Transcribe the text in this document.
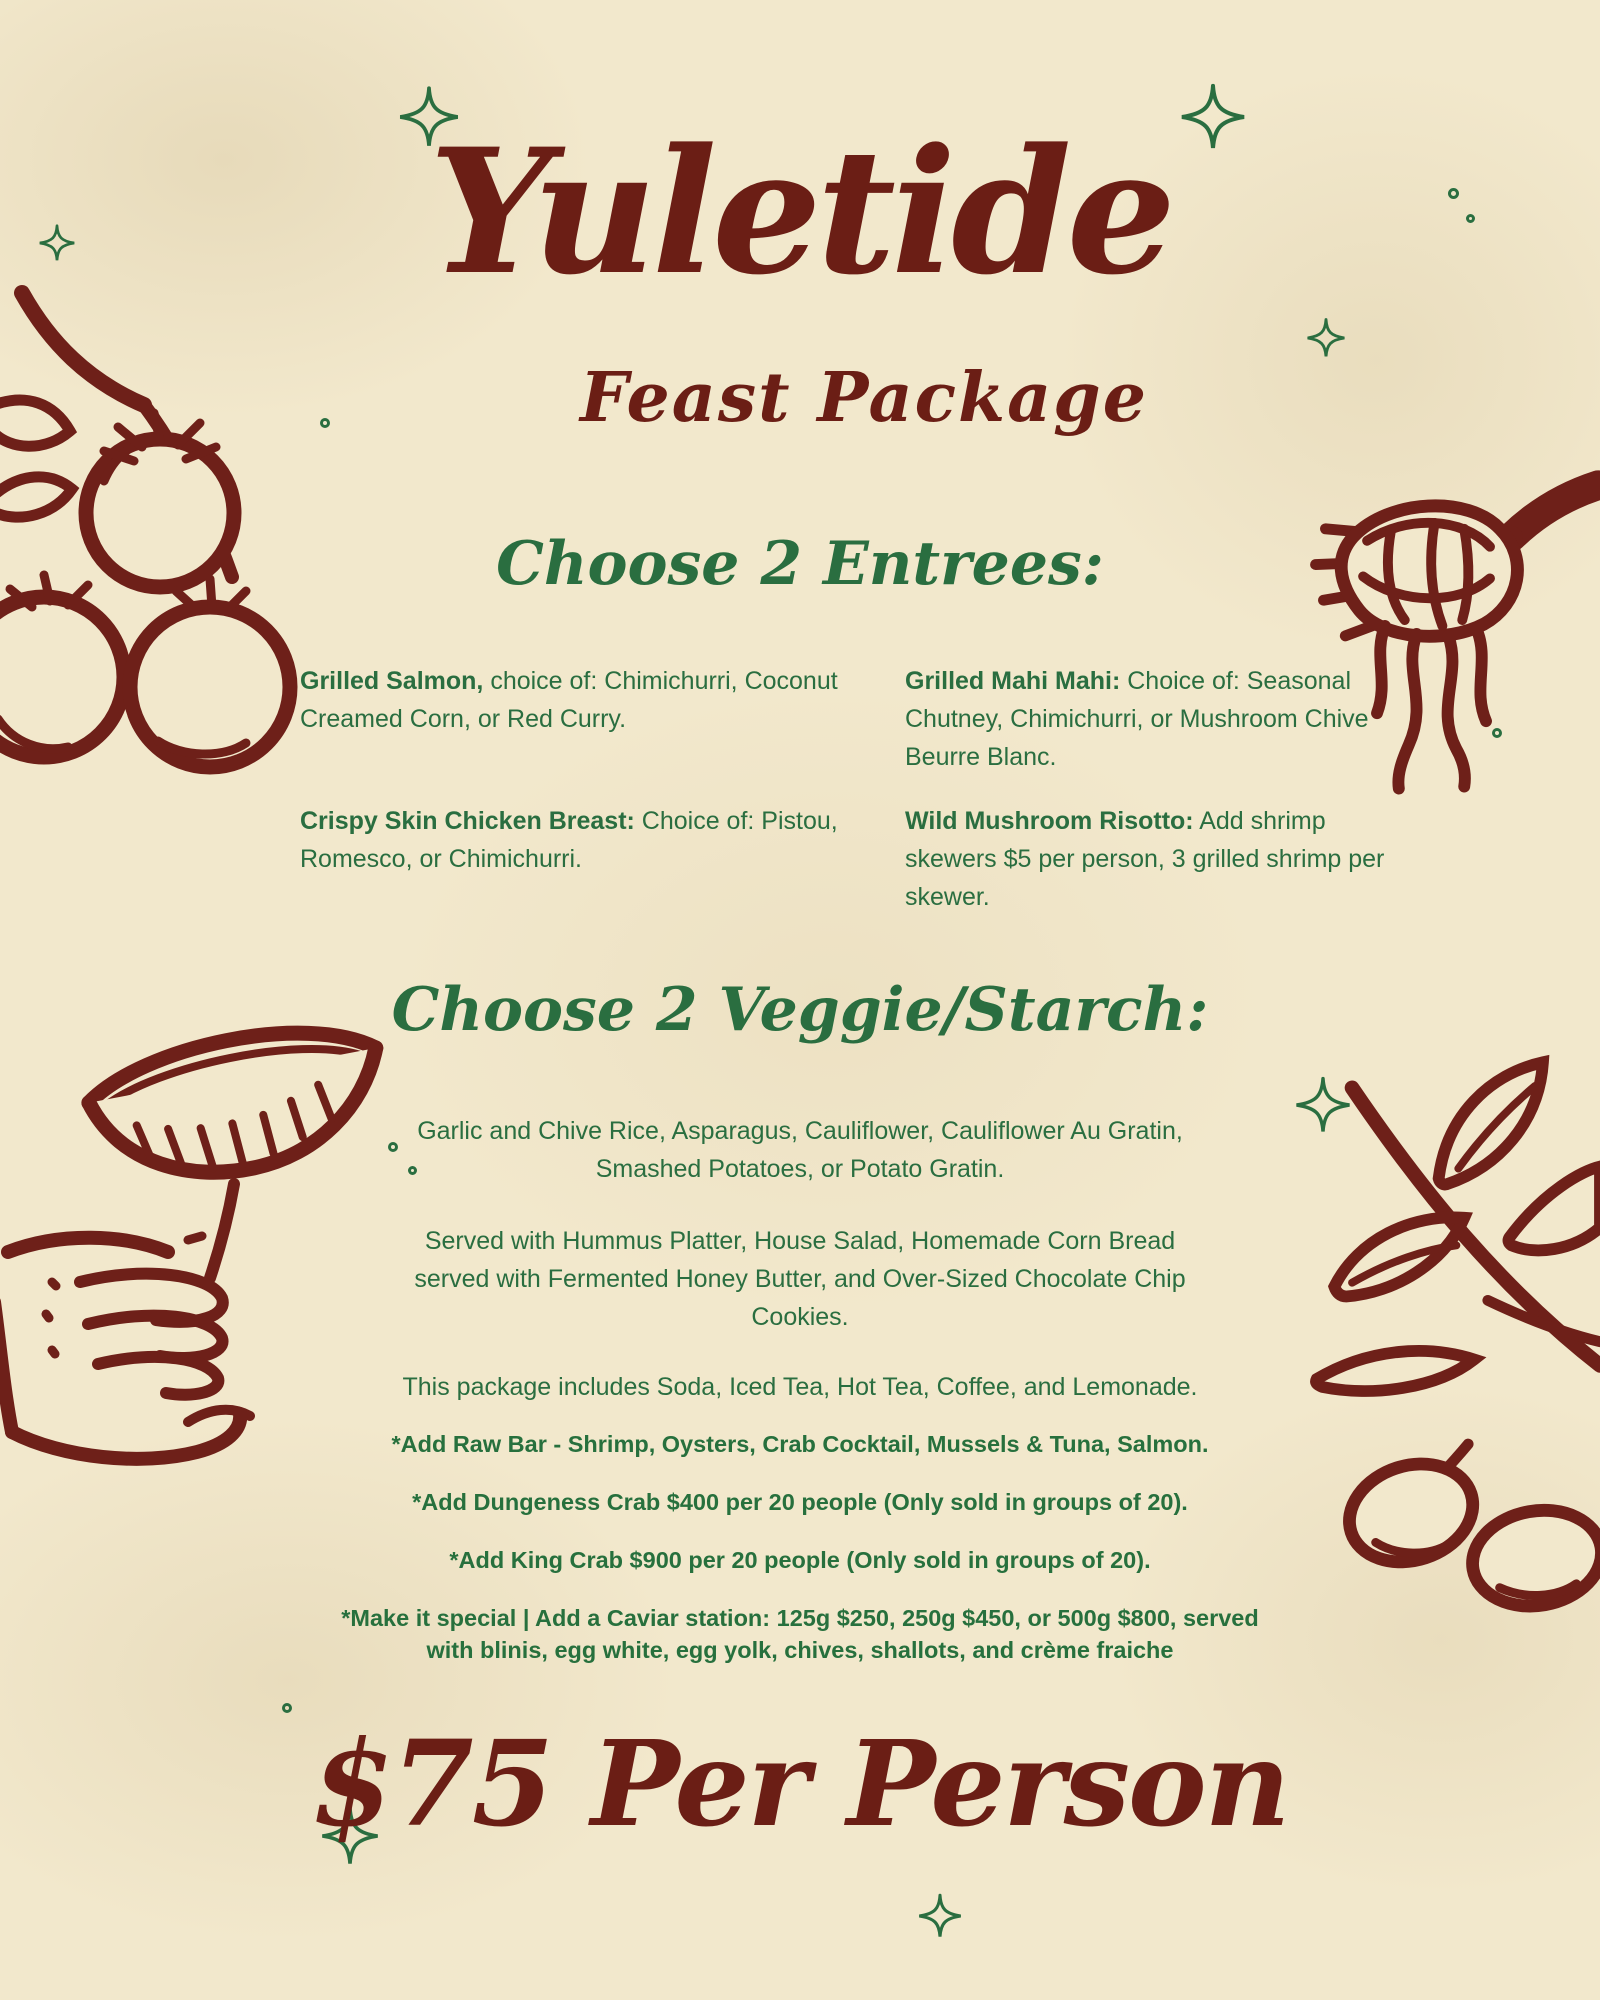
Yuletide
Feast Package
Choose 2 Entrees:
Grilled Salmon, choice of: Chimichurri, Coconut Creamed Corn, or Red Curry.
Grilled Mahi Mahi: Choice of: Seasonal Chutney, Chimichurri, or Mushroom Chive Beurre Blanc.
Crispy Skin Chicken Breast: Choice of: Pistou, Romesco, or Chimichurri.
Wild Mushroom Risotto: Add shrimp skewers $5 per person, 3 grilled shrimp per skewer.
Choose 2 Veggie/Starch:

Garlic and Chive Rice, Asparagus, Cauliflower, Cauliflower Au Gratin, Smashed Potatoes, or Potato Gratin.

Served with Hummus Platter, House Salad, Homemade Corn Bread served with Fermented Honey Butter, and Over-Sized Chocolate Chip Cookies.

This package includes Soda, Iced Tea, Hot Tea, Coffee, and Lemonade.

*Add Raw Bar - Shrimp, Oysters, Crab Cocktail, Mussels & Tuna, Salmon.
*Add Dungeness Crab $400 per 20 people (Only sold in groups of 20).
*Add King Crab $900 per 20 people (Only sold in groups of 20).
*Make it special | Add a Caviar station: 125g $250, 250g $450, or 500g $800, served with blinis, egg white, egg yolk, chives, shallots, and crème fraiche
$75 Per Person
